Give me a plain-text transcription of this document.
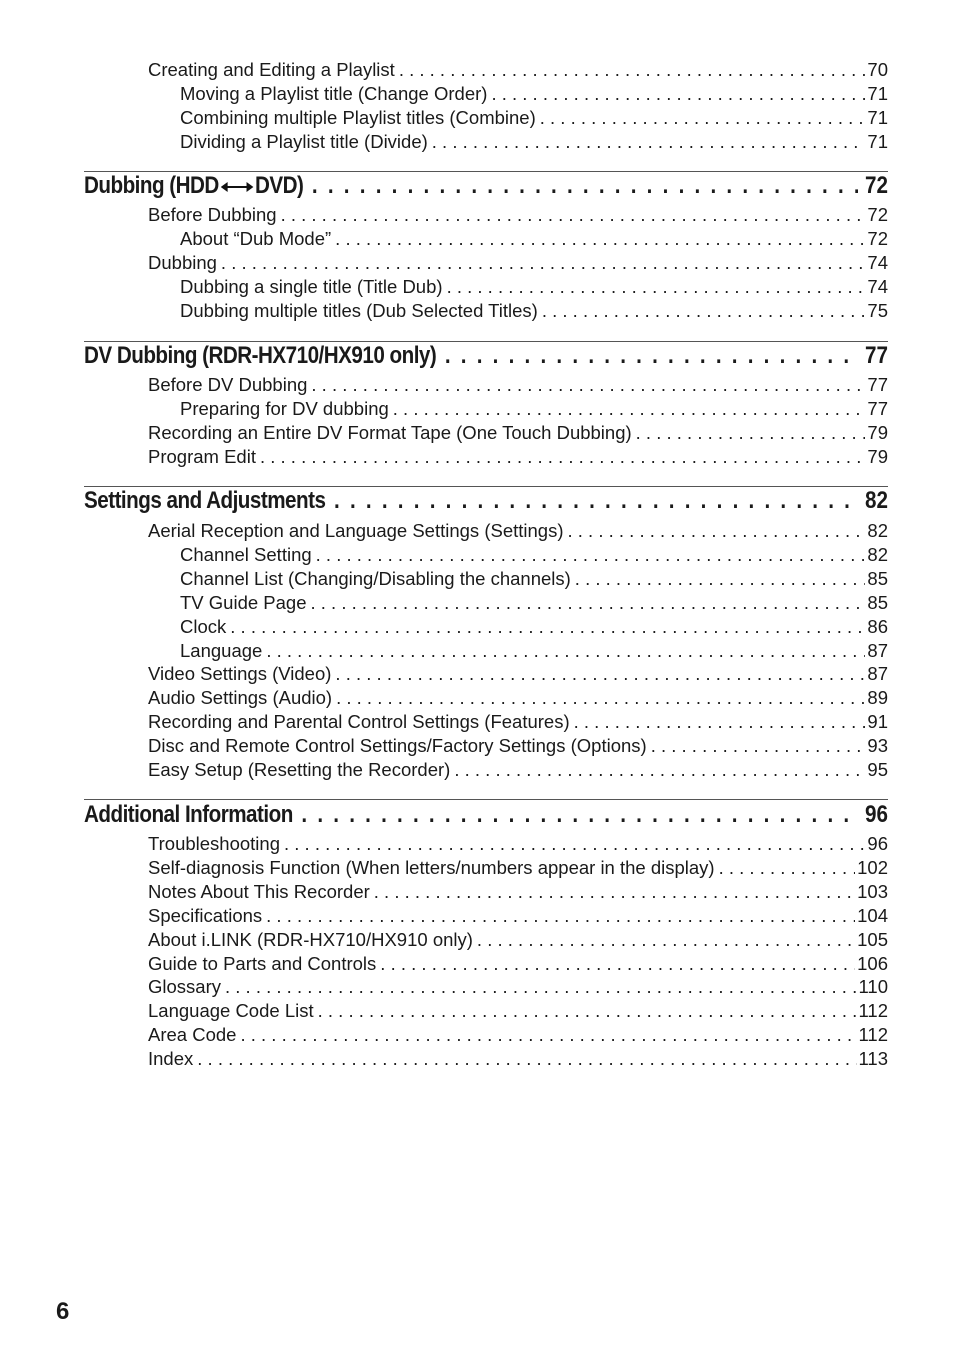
Creating and Editing a Playlist . . .	70
Moving a Playlist title (Change Order) . . .	71
Combining multiple Playlist titles (Combine) . . .	71
Dividing a Playlist title (Divide) . . .	71
Dubbing (HDD DVD) . . .	72
Before Dubbing . . .	72
About “Dub Mode” . . .	72
Dubbing . . .	74
Dubbing a single title (Title Dub) . . .	74
Dubbing multiple titles (Dub Selected Titles) . . .	75
DV Dubbing (RDR-HX710/HX910 only) . . .	77
Before DV Dubbing . . .	77
Preparing for DV dubbing . . .	77
Recording an Entire DV Format Tape (One Touch Dubbing) . . .	79
Program Edit . . .	79
Settings and Adjustments . . .	82
Aerial Reception and Language Settings (Settings) . . .	82
Channel Setting . . .	82
Channel List (Changing/Disabling the channels) . . .	85
TV Guide Page . . .	85
Clock . . .	86
Language . . .	87
Video Settings (Video) . . .	87
Audio Settings (Audio) . . .	89
Recording and Parental Control Settings (Features) . . .	91
Disc and Remote Control Settings/Factory Settings (Options) . . .	93
Easy Setup (Resetting the Recorder) . . .	95
Additional Information . . .	96
Troubleshooting . . .	96
Self-diagnosis Function (When letters/numbers appear in the display) . . .	102
Notes About This Recorder . . .	103
Specifications . . .	104
About i.LINK (RDR-HX710/HX910 only) . . .	105
Guide to Parts and Controls . . .	106
Glossary . . .	110
Language Code List . . .	112
Area Code . . .	112
Index . . .	113
6
